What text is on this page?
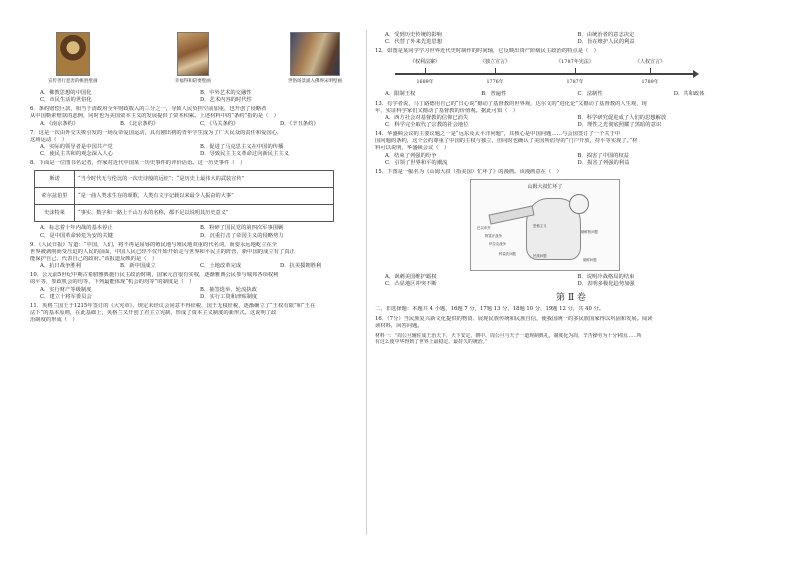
宣传善行恶害的帐胜壁画	幸福得和陪要壁画	世俗场景涌入佛界宋明壁画
A．佛教思想的中国化	B．中外艺术的交融性
C．市民生活的世俗化	D．艺术内容的时代性
6．条约赔偿巨款，相当于清政府全年财政收入的三分之一，导致人民负担空前加重，也开创了侵略者
从中国勒索赔款的恶例，同时也为美国资本主义的发展提供了资本积累。上述材料中的“条约”指的是（　）
A．《南京条约》	B．《北京条约》	C．《马关条约》	D．《辛丑条约》
7．这是一次由外交失败引发的一场反帝爱国运动，具有刚出初的青年学生成为了广大民众的责任和爱国心，
这场运动（　）
A．实际的领导者是中国共产党	B．促进了马克思主义在中国的传播
C．使民主共和的观念深入人心	D．导致民主主义革命过向新民主主义
8．下面是一位图书名记者，作家对近代中国某一历史事件的评价话语。这一历史事件（　）
斯诺	“当今时代无与伦比的一次史诗般的远征”；“是历史上最伟大的武装宣传”
索尔兹伯里	“是一曲人类求生存的颂歌，人类有文字记载以来最令人振奋的大事”
史沫特莱	“事实、数字和一路上千山万水的名称，都不足以说明其历史意义”
A．标志着十年内战的基本停止	B．粉碎了国民党的第四次军事围剿
C．是中国革命转危为安的关键	D．沉重打击了帝国主义的侵略势力
9．《人民日报》写道：“中国，人们，将不再是屈辱的殖民地与殖民地双重的代名词，而要永远地屹立在全
世界被剥削而受压迫的人民的前面，中国人民已经不仅开始开始走与世界和平民主的阵营，新中国的成立有了真正
能保护自己、代表自己的政府。”该报道反映的是（　）
A．抗日战争胜利	B．新中国成立	C．土地改革完成	D．抗美援朝胜利
10．公元前5世纪中期古希腊雅典施行民主政治时期，国家元首很有实权，逐渐雅典公民参与城邦各项权利
的平等，参政机会的均等，下列最能体现“机会的均等”的制度是（　）
A．实行财产等级制度	B．抽签选举、轮流执政
C．建立十将军委员会	D．实行工资和津贴制度
11．英格兰国王于1215年签订的《大宪章》，规定未经议会同意不得征税，国王无权征税，逐渐确立了“王权有限”和“王在
法下”的基本原则，在此基础上，英格兰又开创了君主立宪制，形成了资本主义制度的新形式。这说明了政
治制度的形成（　）
A．受到历史传统的影响	B．由统治者的意志决定
C．代替了外来先进思想	D．旨在维护人民的利益
12．如图是某同学学习世界近代史时制作的时间轴，它反映出资产阶级民主政治的特点是（　）
《权利法案》
1689年
《独立宣言》
1776年
《1787年宪法》
1787年
《人权宣言》
1789年
A．限制王权	B．普遍性	C．法制性	D．共和政体
13．有学者说，马丁路德用自己的“日心说”撼动了基督教的世界观，达尔文的“进化论”又撼动了基督教的人生观，现
年，实证科学家们又撼动了基督教的价值观。据此可知（　）
A．西方社会对基督教的信仰已消失	B．科学研究促进成了人们的思想解放
C．科学完全取代了宗教的社会地位	D．理性之光彻底照耀了黑暗的意识
14．华盛顿会议的主要议题之一是“远东及太平洋问题”，其核心是中国问题……与会国签订了一个关于中
国问题的条约，这个公约尊重了中国的主权与独立，但同时也确认了美国所倡导的“门户开放，持平等实现了。”材
料可以说明，华盛顿会议（　）
A．结束了列强的纷争	B．损害了中国的权益
C．引领了世界和平的潮流	D．损害了列强的利益
15．下图是一幅名为《山姆大叔（指美国）忙坏了》的漫画。该漫画意在（　）
山姆大叔忙坏了
巴以冲突
阿富汗战争
伊拉克战争
朝鲜核问题
民族问题
科索沃问题
恐怖主义
朝鲜问题
A．讽刺美国维护霸权	B．说明冷战格局的结束
C．凸显地区冲突不断	D．表明多极化趋势加强
第Ⅱ卷
二、非选择题：本题共 4 小题，16题 7 分，17题 13 分，18题 10 分，19题 12 分，共 40 分。
16．（7分）当民族复兴新文化提供的物资、展现民族传统和民族自信，使我国统一的多民族国家得以巩固和发展。阅读
读材料，回答问题。
材料一：“周公旦辅佐成王治天下，天下安定，朝中、周公旦与天子一道规制典礼，制度化为周，辛苦操劳为十分利国……所
有这么使中华得到了世界上最稳定、最持久的统治。”
